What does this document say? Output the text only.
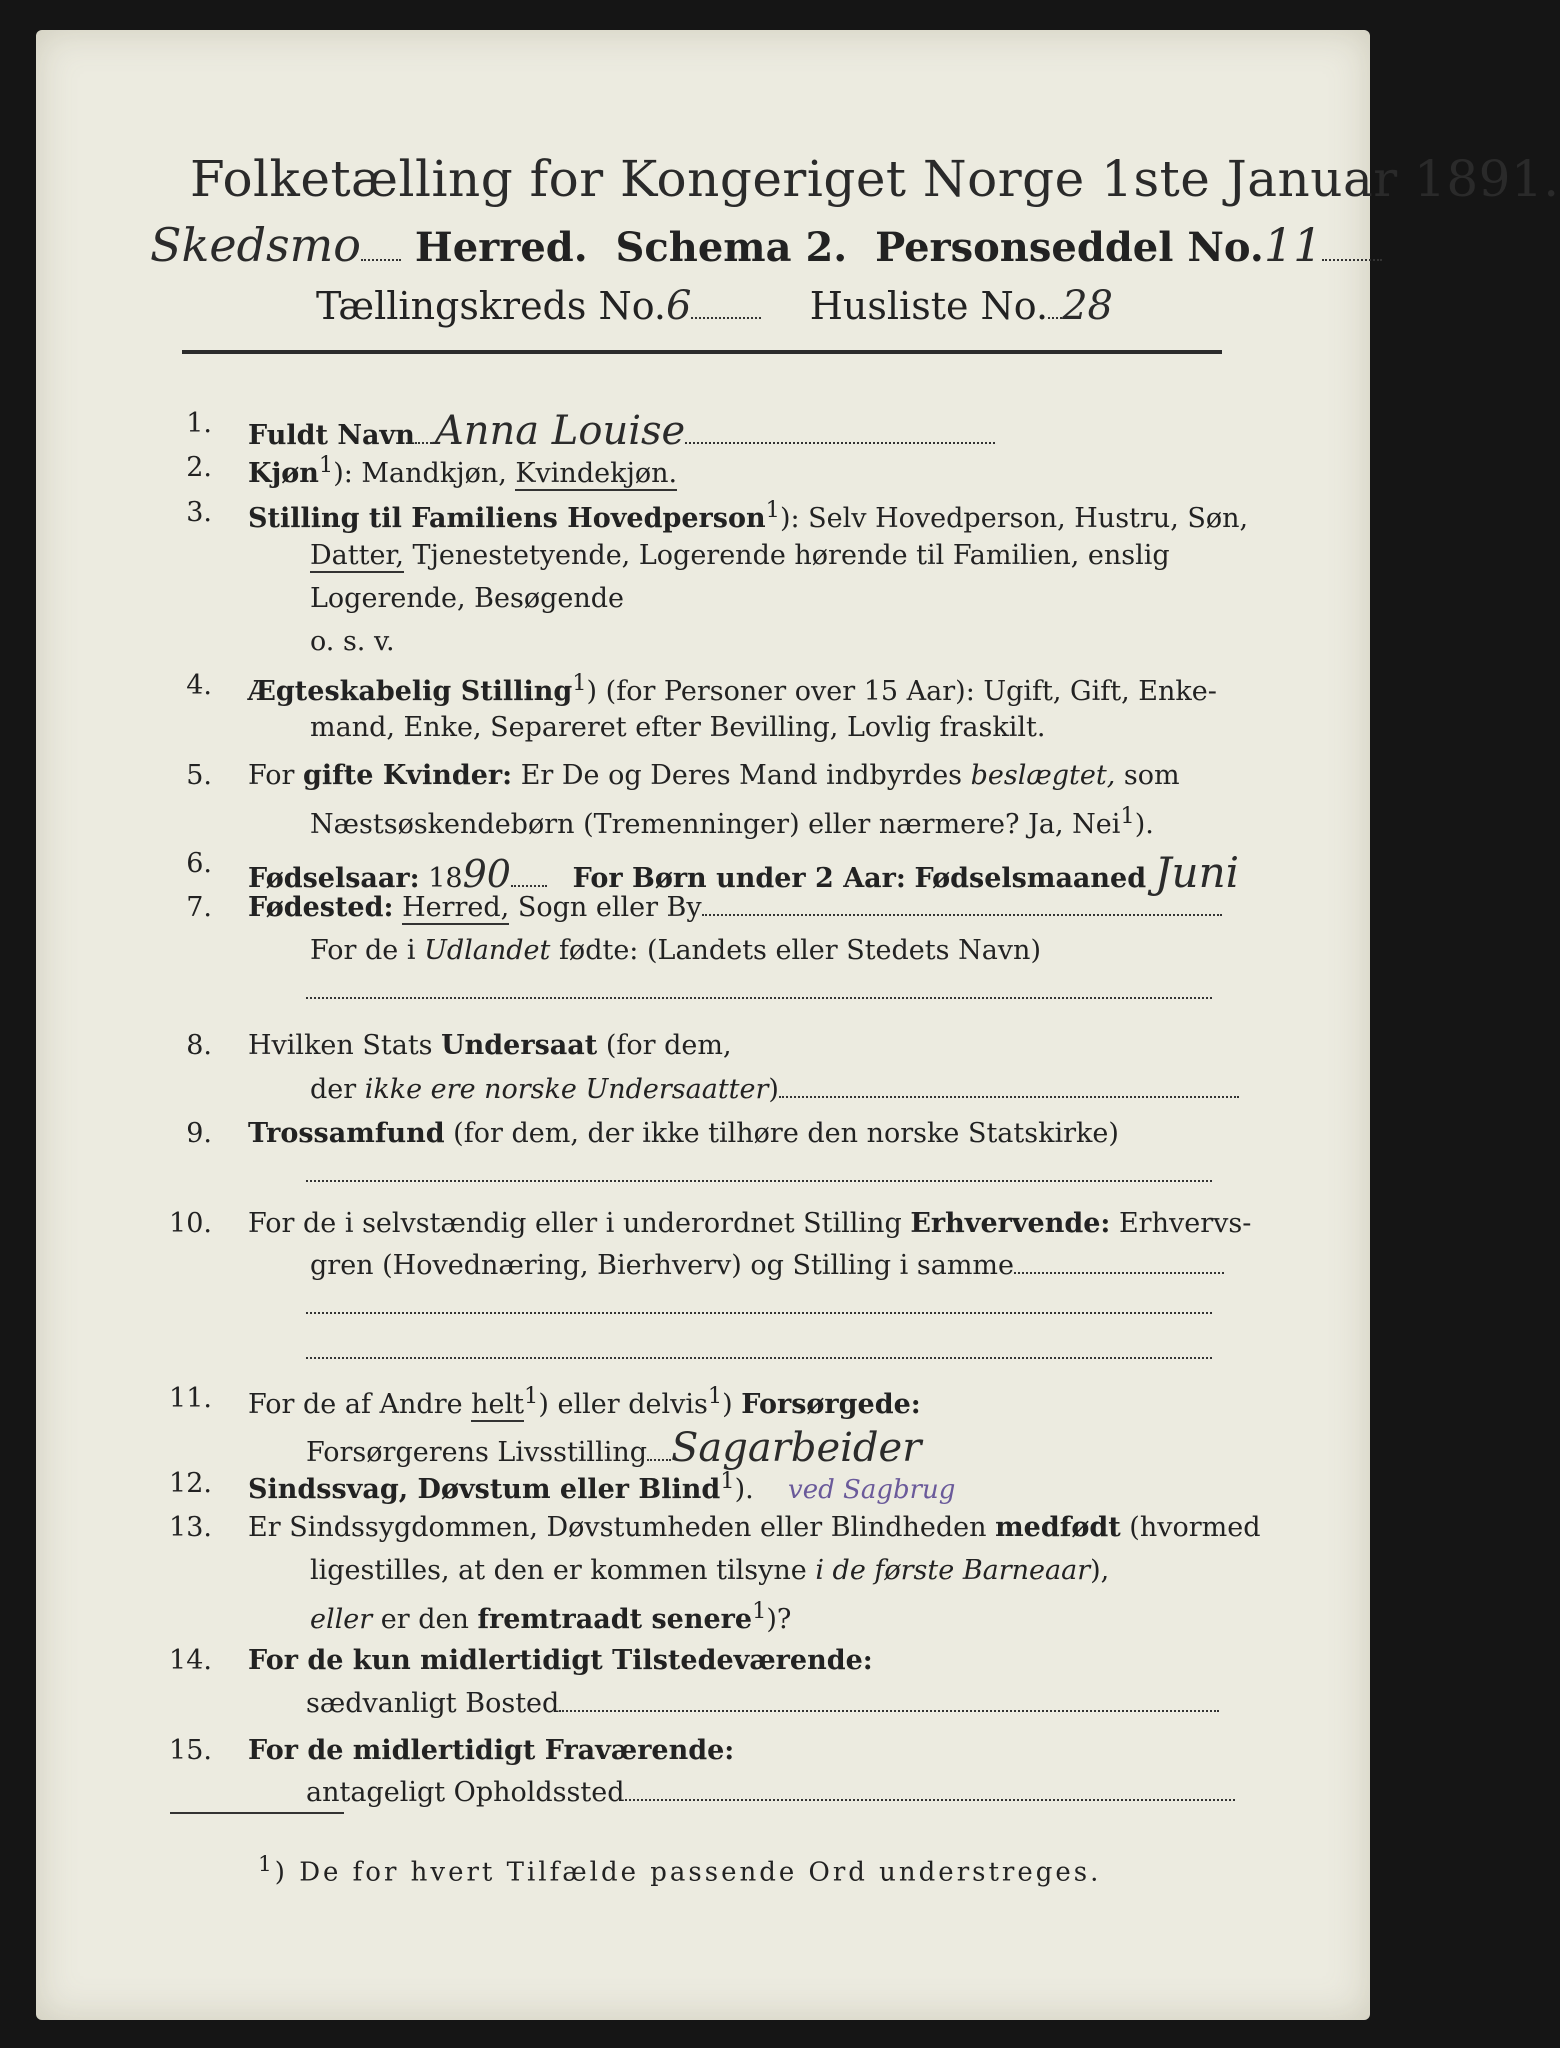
Folketælling for Kongeriget Norge 1ste Januar 1891.
Skedsmo Herred. Schema 2. Personseddel No.11
Tællingskreds No.6	Husliste No. 28
1. Fuldt Navn Anna Louise
2. Kjøn$^1$): Mandkjøn, Kvindekjøn.
3. Stilling til Familiens Hovedperson$^1$): Selv Hovedperson, Hustru, Søn,
Datter, Tjenestetyende, Logerende hørende til Familien, enslig
Logerende, Besøgende
o. s. v.
4. Ægteskabelig Stilling$^1$) (for Personer over 15 Aar): Ugift, Gift, Enke-
mand, Enke, Separeret efter Bevilling, Lovlig fraskilt.
5. For gifte Kvinder: Er De og Deres Mand indbyrdes beslægtet, som
Næstsøskendebørn (Tremenninger) eller nærmere? Ja, Nei$^1$).
6. Fødselsaar: 1890 For Børn under 2 Aar: Fødselsmaaned Juni
7. Fødested: Herred, Sogn eller By
For de i Udlandet fødte: (Landets eller Stedets Navn)
8. Hvilken Stats Undersaat (for dem,
der ikke ere norske Undersaatter)
9. Trossamfund (for dem, der ikke tilhøre den norske Statskirke)
10. For de i selvstændig eller i underordnet Stilling Erhvervende: Erhvervs-
gren (Hovednæring, Bierhverv) og Stilling i samme
11. For de af Andre helt$^1$) eller delvis$^1$) Forsørgede:
Forsørgerens Livsstilling Sagarbeider
12. Sindssvag, Døvstum eller Blind$^1$). ved Sagbrug
13. Er Sindssygdommen, Døvstumheden eller Blindheden medfødt (hvormed
ligestilles, at den er kommen tilsyne i de første Barneaar),
eller er den fremtraadt senere$^1$)?
14. For de kun midlertidigt Tilstedeværende:
sædvanligt Bosted
15. For de midlertidigt Fraværende:
antageligt Opholdssted
$^1$) De for hvert Tilfælde passende Ord understreges.
